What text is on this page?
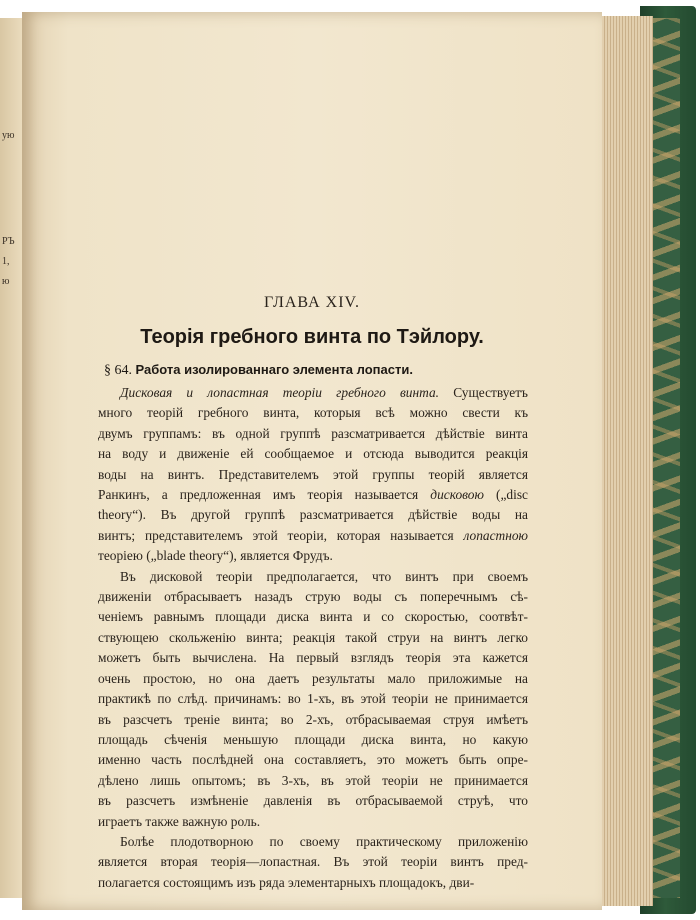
ую
РЪ
1,
ю
ГЛАВА XIV.
Теорія гребного винта по Тэйлору.
§ 64. Работа изолированнаго элемента лопасти.
Дисковая и лопастная теоріи гребного винта. Существуетъ
много теорій гребного винта, которыя всѣ можно свести къ
двумъ группамъ: въ одной группѣ разсматривается дѣйствіе винта
на воду и движеніе ей сообщаемое и отсюда выводится реакція
воды на винтъ. Представителемъ этой группы теорій является
Ранкинъ, а предложенная имъ теорія называется дисковою („disc
theory“). Въ другой группѣ разсматривается дѣйствіе воды на
винтъ; представителемъ этой теоріи, которая называется лопастною
теоріею („blade theory“), является Фрудъ.
Въ дисковой теоріи предполагается, что винтъ при своемъ
движеніи отбрасываетъ назадъ струю воды съ поперечнымъ сѣ-
ченіемъ равнымъ площади диска винта и со скоростью, соотвѣт-
ствующею скольженію винта; реакція такой струи на винтъ легко
можетъ быть вычислена. На первый взглядъ теорія эта кажется
очень простою, но она даетъ результаты мало приложимые на
практикѣ по слѣд. причинамъ: во 1-хъ, въ этой теоріи не принимается
въ разсчетъ треніе винта; во 2-хъ, отбрасываемая струя имѣетъ
площадь сѣченія меньшую площади диска винта, но какую
именно часть послѣдней она составляетъ, это можетъ быть опре-
дѣлено лишь опытомъ; въ 3-хъ, въ этой теоріи не принимается
въ разсчетъ измѣненіе давленія въ отбрасываемой струѣ, что
играетъ также важную роль.
Болѣе плодотворною по своему практическому приложенію
является вторая теорія—лопастная. Въ этой теоріи винтъ пред-
полагается состоящимъ изъ ряда элементарныхъ площадокъ, дви-
